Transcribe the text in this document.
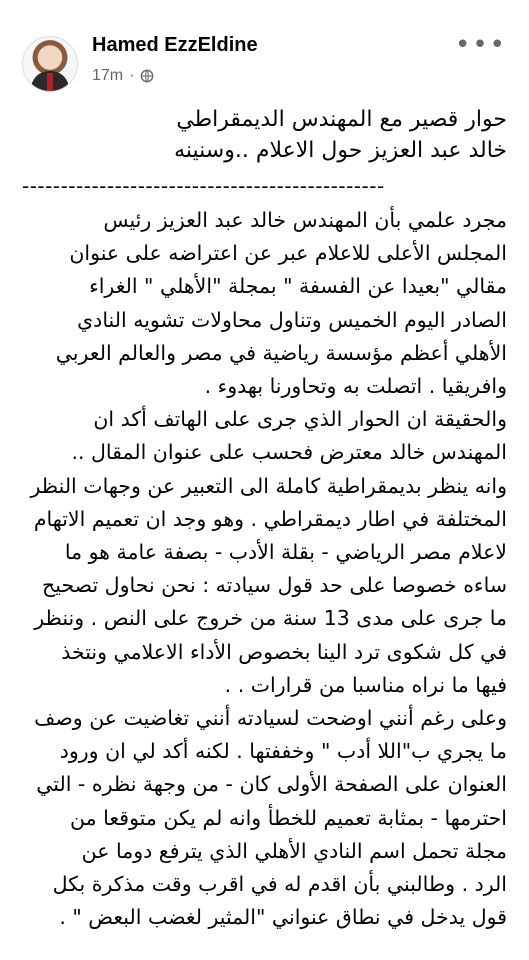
Hamed EzzEldine
17m ·
•••
حوار قصير مع المهندس الديمقراطي
خالد عبد العزيز حول الاعلام ..وسنينه
-----------------------------------------------
مجرد علمي بأن المهندس خالد عبد العزيز رئيس
المجلس الأعلى للاعلام عبر عن اعتراضه على عنوان
مقالي "بعيدا عن الفسفة " بمجلة "الأهلي " الغراء
الصادر اليوم الخميس وتناول محاولات تشويه النادي
الأهلي أعظم مؤسسة رياضية في مصر والعالم العربي
وافريقيا . اتصلت به وتحاورنا بهدوء .
والحقيقة ان الحوار الذي جرى على الهاتف أكد ان
المهندس خالد معترض فحسب على عنوان المقال ..
وانه ينظر بديمقراطية كاملة الى التعبير عن وجهات النظر
المختلفة في اطار ديمقراطي . وهو وجد ان تعميم الاتهام
لاعلام مصر الرياضي - بقلة الأدب - بصفة عامة هو ما
ساءه خصوصا على حد قول سيادته : نحن نحاول تصحيح
ما جرى على مدى 13 سنة من خروج على النص . وننظر
في كل شكوى ترد الينا بخصوص الأداء الاعلامي ونتخذ
فيها ما نراه مناسبا من قرارات . .
وعلى رغم أنني اوضحت لسيادته أنني تغاضيت عن وصف
ما يجري ب"اللا أدب " وخففتها . لكنه أكد لي ان ورود
العنوان على الصفحة الأولى كان - من وجهة نظره - التي
احترمها - بمثابة تعميم للخطأ وانه لم يكن متوقعا من
مجلة تحمل اسم النادي الأهلي الذي يترفع دوما عن
الرد . وطالبني بأن اقدم له في اقرب وقت مذكرة بكل
قول يدخل في نطاق عنواني "المثير لغضب البعض " .
